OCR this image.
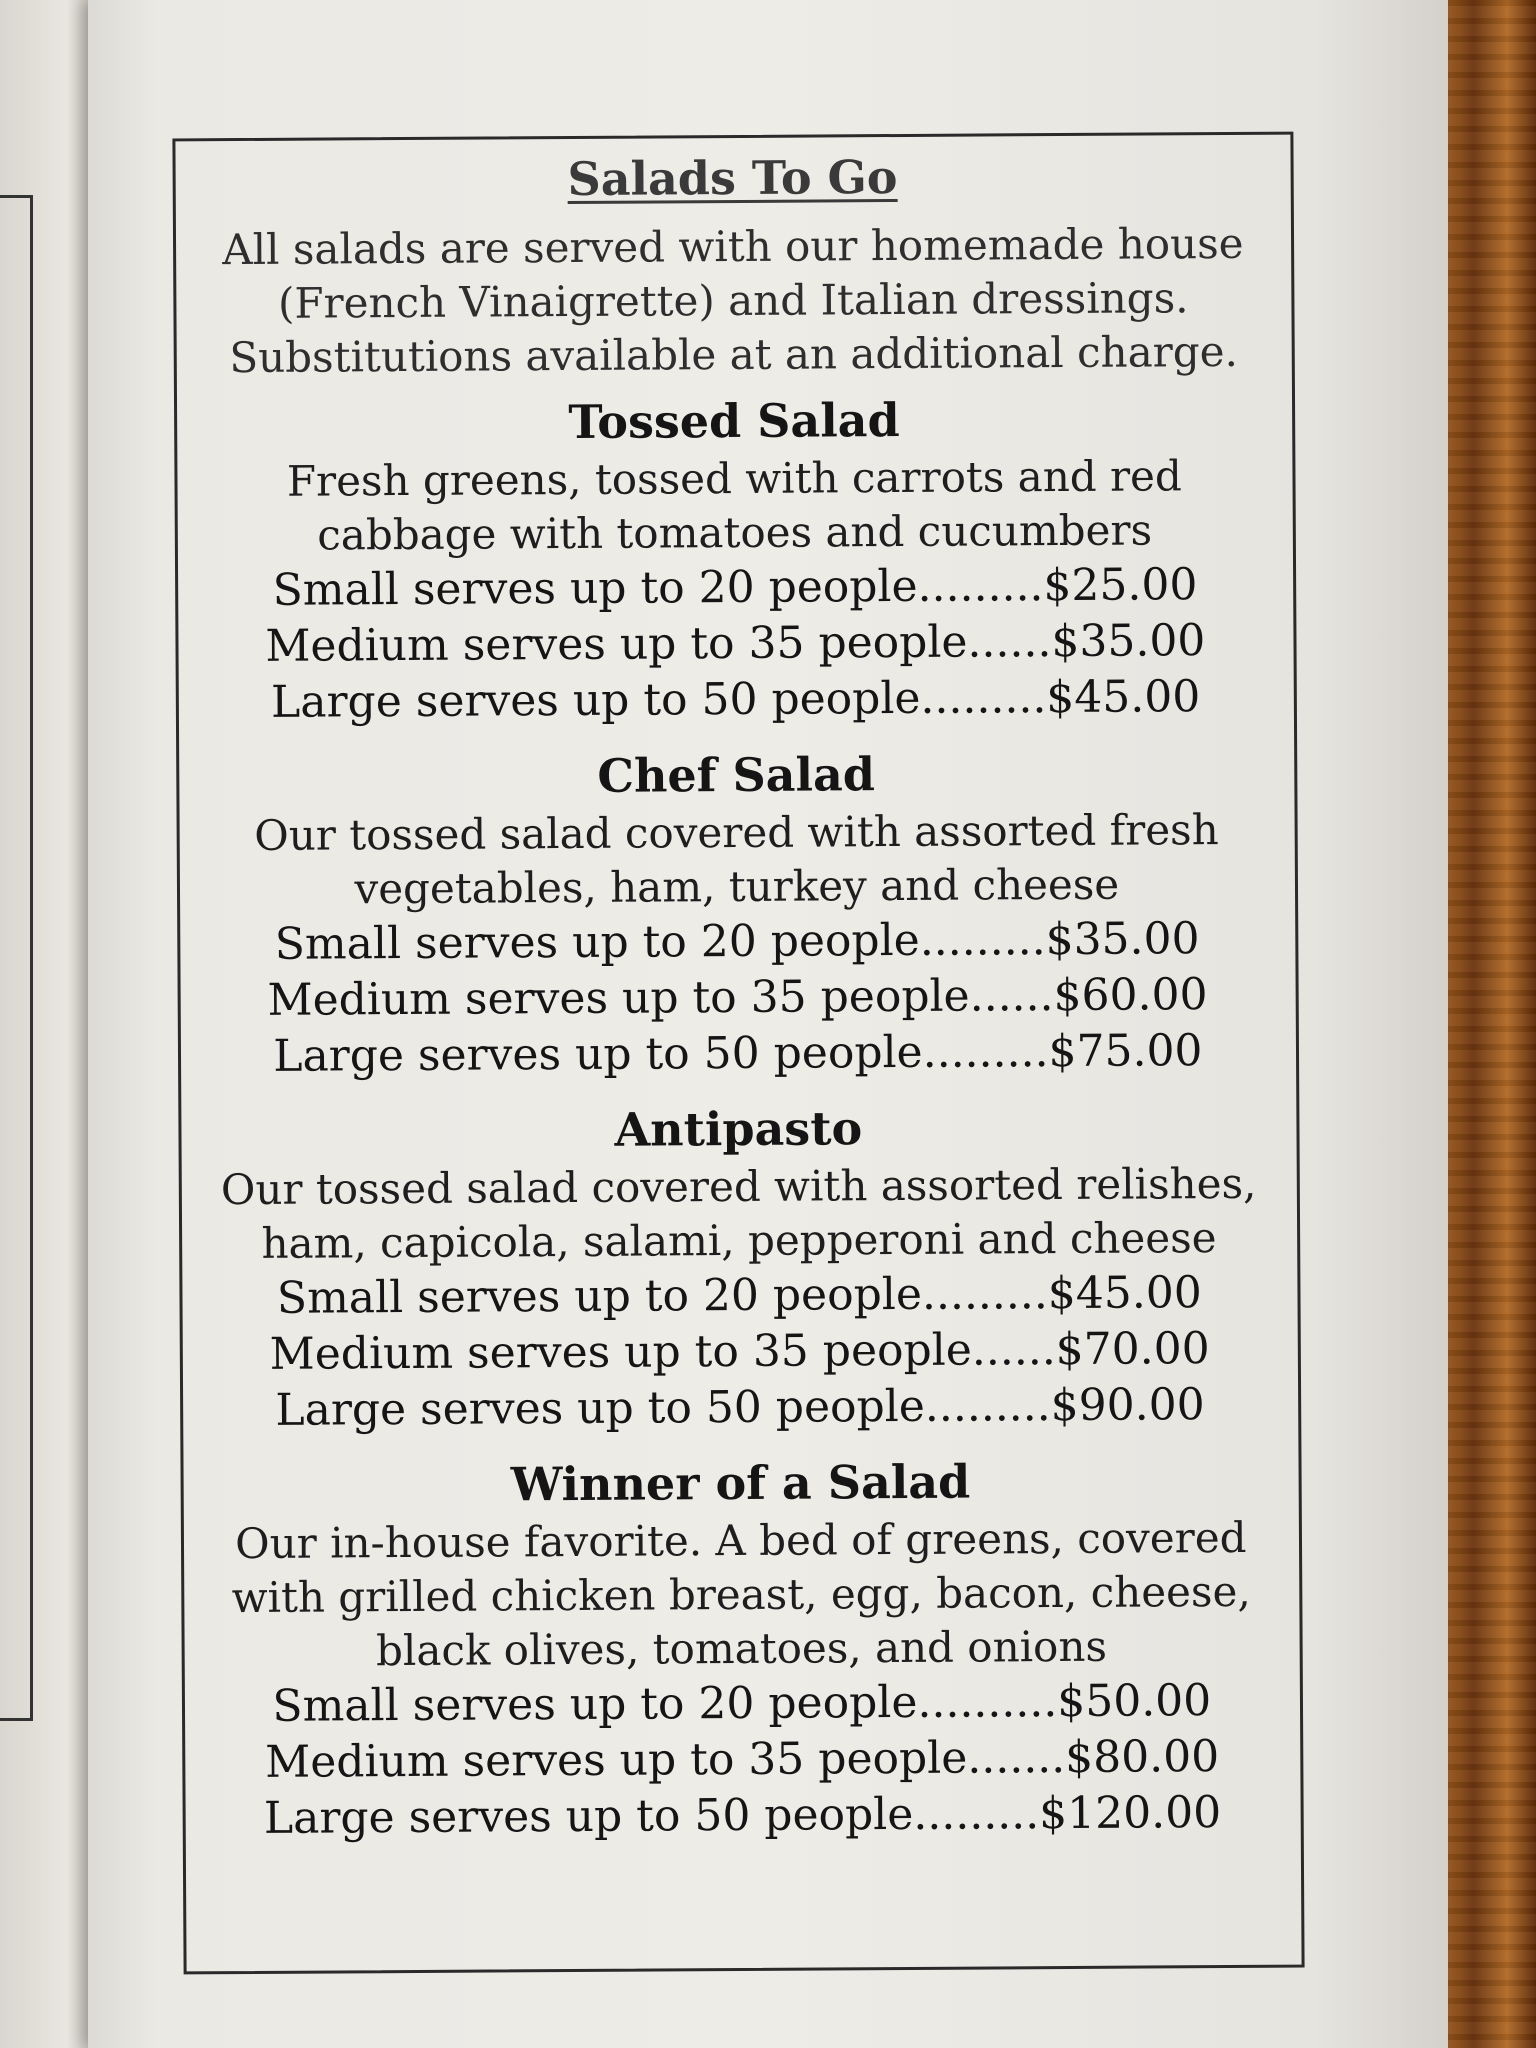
Salads To Go
All salads are served with our homemade house
(French Vinaigrette) and Italian dressings.
Substitutions available at an additional charge.
Tossed Salad
Fresh greens, tossed with carrots and red
cabbage with tomatoes and cucumbers
Small serves up to 20 people.........$25.00
Medium serves up to 35 people......$35.00
Large serves up to 50 people.........$45.00
Chef Salad
Our tossed salad covered with assorted fresh
vegetables, ham, turkey and cheese
Small serves up to 20 people.........$35.00
Medium serves up to 35 people......$60.00
Large serves up to 50 people.........$75.00
Antipasto
Our tossed salad covered with assorted relishes,
ham, capicola, salami, pepperoni and cheese
Small serves up to 20 people.........$45.00
Medium serves up to 35 people......$70.00
Large serves up to 50 people.........$90.00
Winner of a Salad
Our in-house favorite. A bed of greens, covered
with grilled chicken breast, egg, bacon, cheese,
black olives, tomatoes, and onions
Small serves up to 20 people..........$50.00
Medium serves up to 35 people.......$80.00
Large serves up to 50 people.........$120.00
